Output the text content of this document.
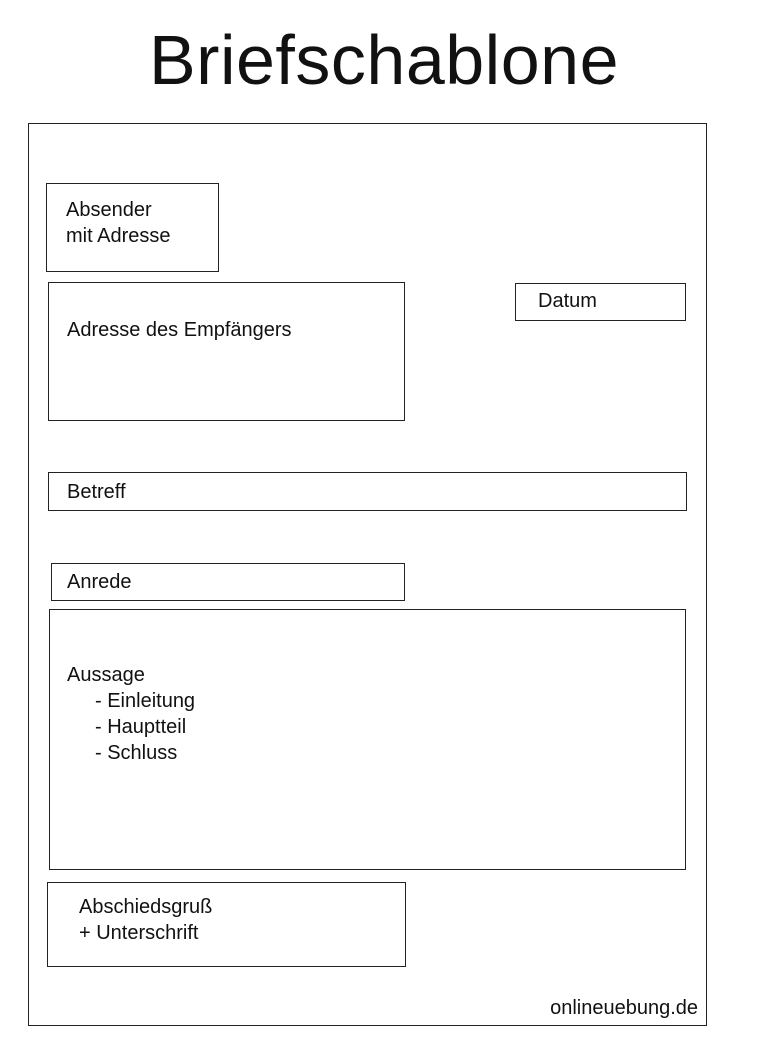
Briefschablone
Absender
mit Adresse
Adresse des Empfängers
Datum
Betreff
Anrede
Aussage
- Einleitung
- Hauptteil
- Schluss
Abschiedsgruß
+ Unterschrift
onlineuebung.de
